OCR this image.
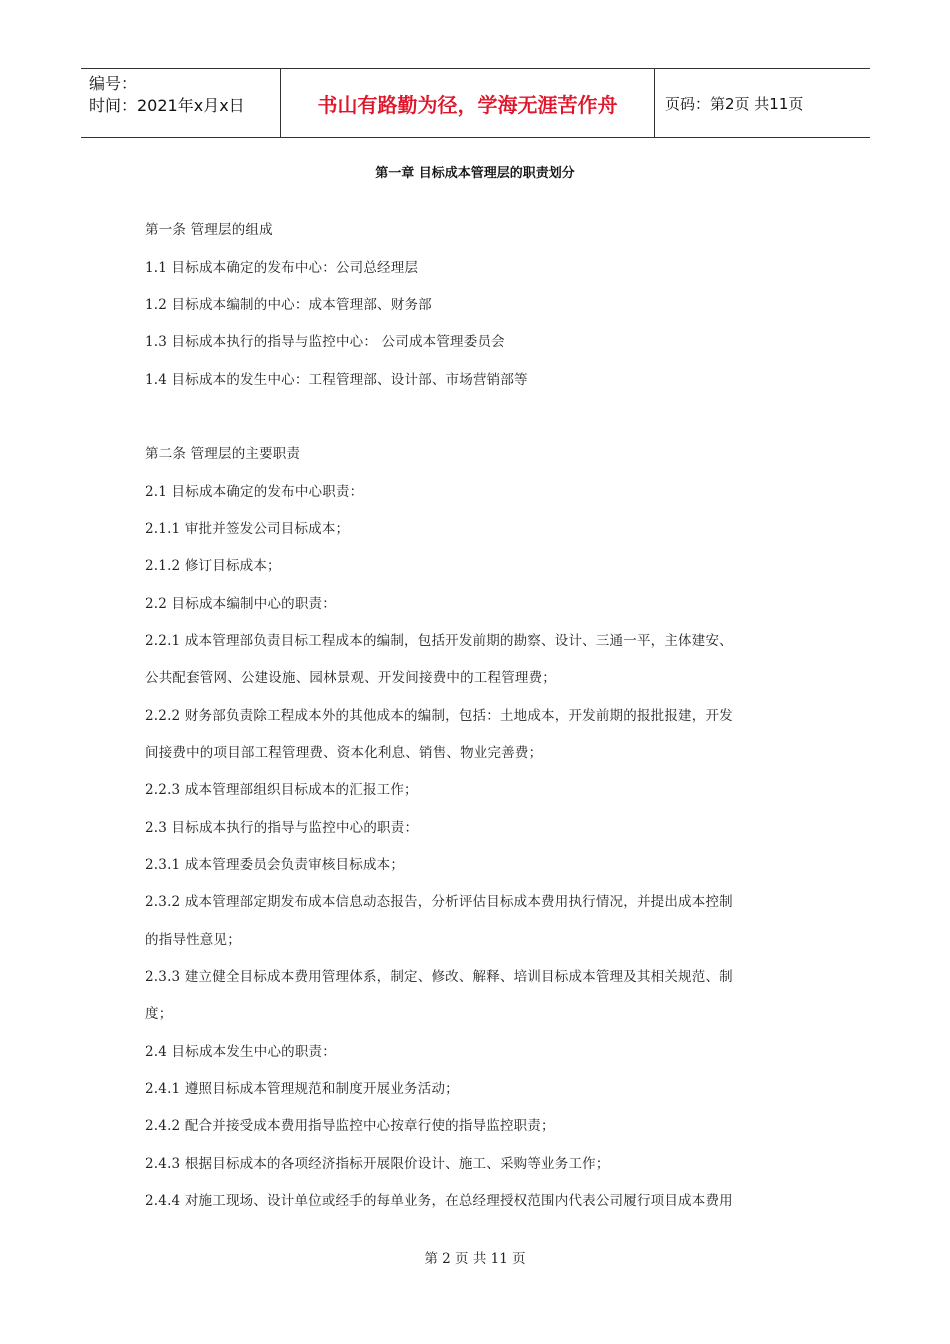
编号：
时间：2021年x月x日	书山有路勤为径，学海无涯苦作舟	页码：第2页 共11页
第一章 目标成本管理层的职责划分
第一条 管理层的组成
1.1 目标成本确定的发布中心：公司总经理层
1.2 目标成本编制的中心：成本管理部、财务部
1.3 目标成本执行的指导与监控中心： 公司成本管理委员会
1.4 目标成本的发生中心：工程管理部、设计部、市场营销部等
第二条 管理层的主要职责
2.1 目标成本确定的发布中心职责：
2.1.1 审批并签发公司目标成本；
2.1.2 修订目标成本；
2.2 目标成本编制中心的职责：
2.2.1 成本管理部负责目标工程成本的编制，包括开发前期的勘察、设计、三通一平，主体建安、
公共配套管网、公建设施、园林景观、开发间接费中的工程管理费；
2.2.2 财务部负责除工程成本外的其他成本的编制，包括：土地成本，开发前期的报批报建，开发
间接费中的项目部工程管理费、资本化利息、销售、物业完善费；
2.2.3 成本管理部组织目标成本的汇报工作；
2.3 目标成本执行的指导与监控中心的职责：
2.3.1 成本管理委员会负责审核目标成本；
2.3.2 成本管理部定期发布成本信息动态报告，分析评估目标成本费用执行情况，并提出成本控制
的指导性意见；
2.3.3 建立健全目标成本费用管理体系，制定、修改、解释、培训目标成本管理及其相关规范、制
度；
2.4 目标成本发生中心的职责：
2.4.1 遵照目标成本管理规范和制度开展业务活动；
2.4.2 配合并接受成本费用指导监控中心按章行使的指导监控职责；
2.4.3 根据目标成本的各项经济指标开展限价设计、施工、采购等业务工作；
2.4.4 对施工现场、设计单位或经手的每单业务，在总经理授权范围内代表公司履行项目成本费用
第 2 页 共 11 页
